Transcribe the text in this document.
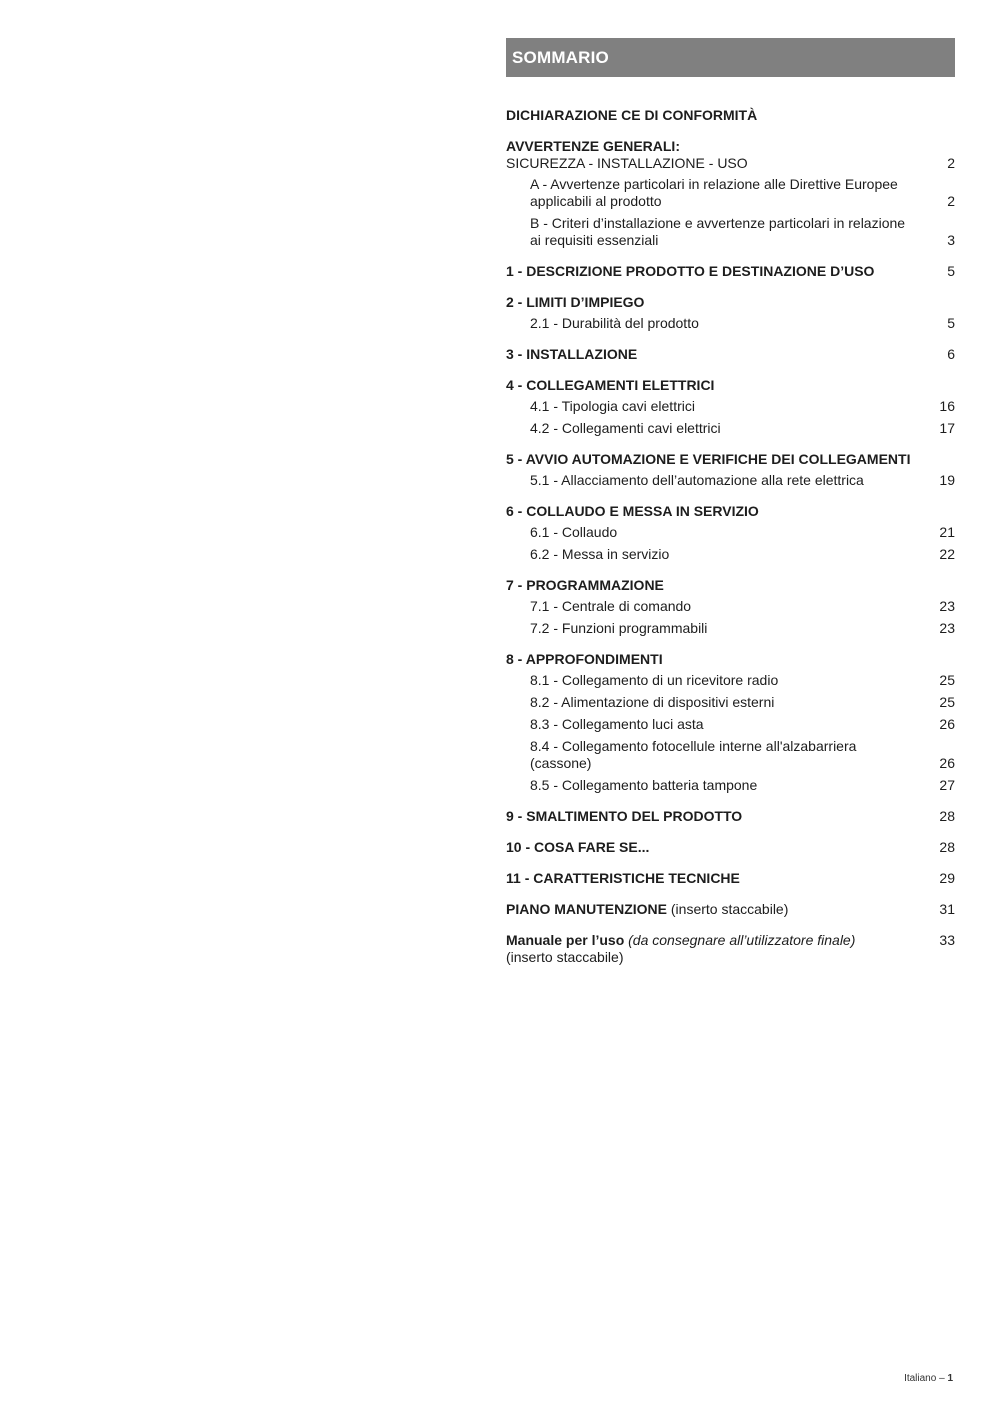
SOMMARIO
DICHIARAZIONE CE DI CONFORMITÀ
AVVERTENZE GENERALI:
SICUREZZA - INSTALLAZIONE - USO	2
A - Avvertenze particolari in relazione alle Direttive Europee applicabili al prodotto	2
B - Criteri d’installazione e avvertenze particolari in relazione ai requisiti essenziali	3
1 - DESCRIZIONE PRODOTTO E DESTINAZIONE D’USO	5
2 - LIMITI D’IMPIEGO
2.1 - Durabilità del prodotto	5
3 - INSTALLAZIONE	6
4 - COLLEGAMENTI ELETTRICI
4.1 - Tipologia cavi elettrici	16
4.2 - Collegamenti cavi elettrici	17
5 - AVVIO AUTOMAZIONE E VERIFICHE DEI COLLEGAMENTI
5.1 - Allacciamento dell’automazione alla rete elettrica	19
6 - COLLAUDO E MESSA IN SERVIZIO
6.1 - Collaudo	21
6.2 - Messa in servizio	22
7 - PROGRAMMAZIONE
7.1 - Centrale di comando	23
7.2 - Funzioni programmabili	23
8 - APPROFONDIMENTI
8.1 - Collegamento di un ricevitore radio	25
8.2 - Alimentazione di dispositivi esterni	25
8.3 - Collegamento luci asta	26
8.4 - Collegamento fotocellule interne all'alzabarriera (cassone)	26
8.5 - Collegamento batteria tampone	27
9 - SMALTIMENTO DEL PRODOTTO	28
10 - COSA FARE SE...	28
11 - CARATTERISTICHE TECNICHE	29
PIANO MANUTENZIONE (inserto staccabile)	31
Manuale per l’uso (da consegnare all’utilizzatore finale)	33
(inserto staccabile)
Italiano – 1
